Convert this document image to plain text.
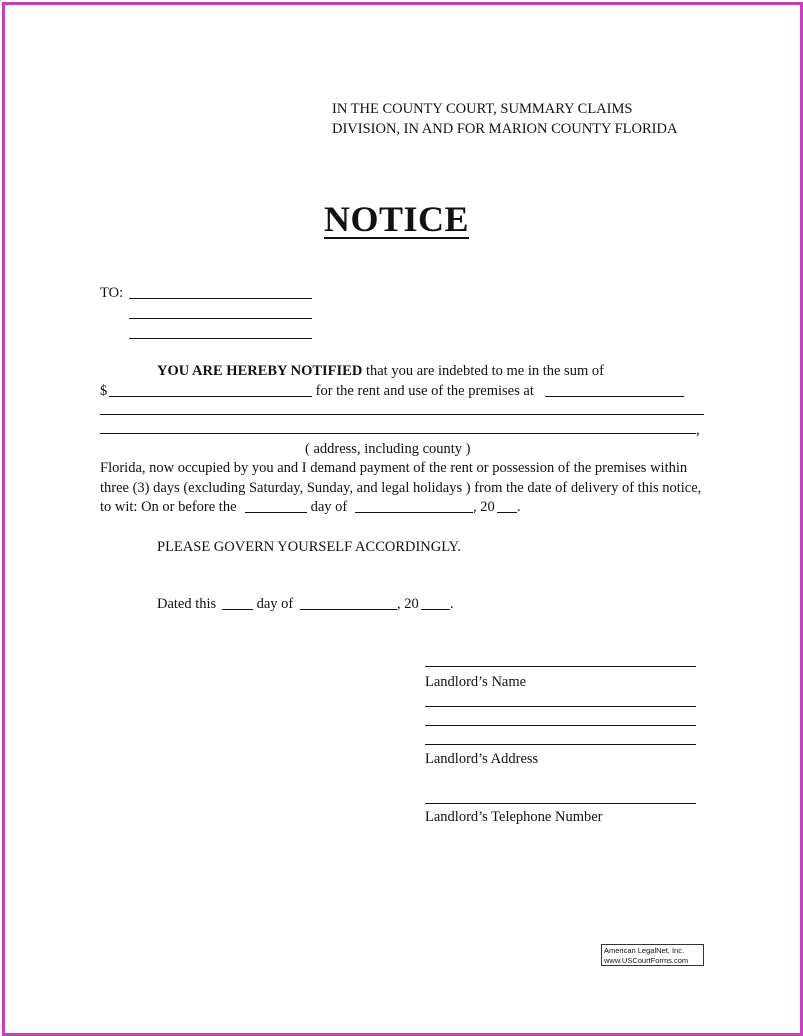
IN THE COUNTY COURT, SUMMARY CLAIMS
DIVISION, IN AND FOR MARION COUNTY FLORIDA
NOTICE
TO:
YOU ARE HEREBY NOTIFIED that you are indebted to me in the sum of
$	for the rent and use of the premises at
,
( address, including county )
Florida, now occupied by you and I demand payment of the rent or possession of the premises within
three (3) days (excluding Saturday, Sunday, and legal holidays ) from the date of delivery of this notice,
to wit: On or before the	day of	, 20 .
PLEASE GOVERN YOURSELF ACCORDINGLY.
Dated this day of	, 20 .
Landlord’s Name
Landlord’s Address
Landlord’s Telephone Number
American LegalNet, Inc.
www.USCourtForms.com
